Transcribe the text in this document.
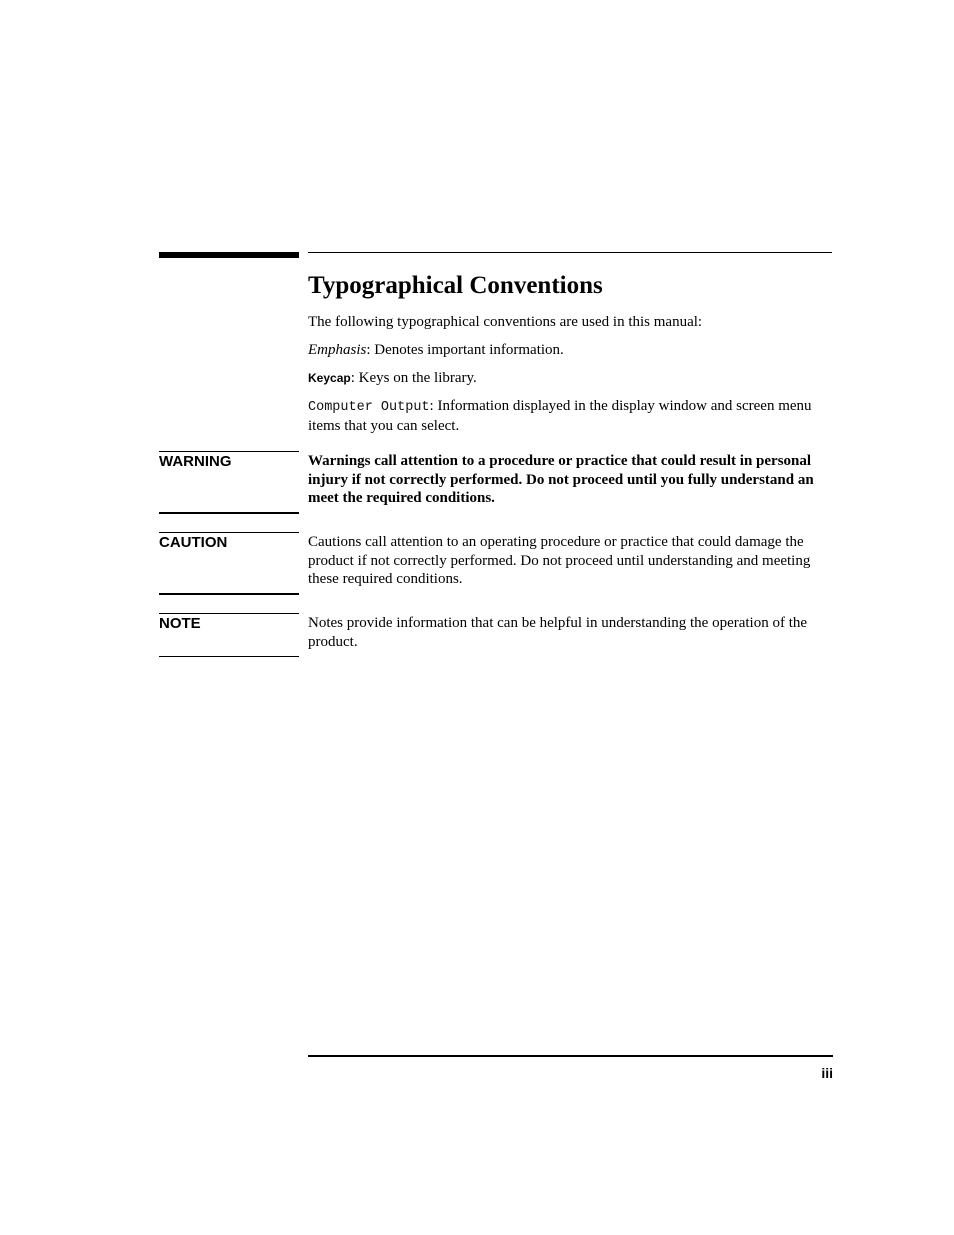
Typographical Conventions

The following typographical conventions are used in this manual:

Emphasis: Denotes important information.

Keycap: Keys on the library.

Computer Output: Information displayed in the display window and screen menu items that you can select.

WARNING	Warnings call attention to a procedure or practice that could result in personal injury if not correctly performed. Do not proceed until you fully understand an meet the required conditions.

CAUTION	Cautions call attention to an operating procedure or practice that could damage the product if not correctly performed. Do not proceed until understanding and meeting these required conditions.

NOTE	Notes provide information that can be helpful in understanding the operation of the product.

iii
